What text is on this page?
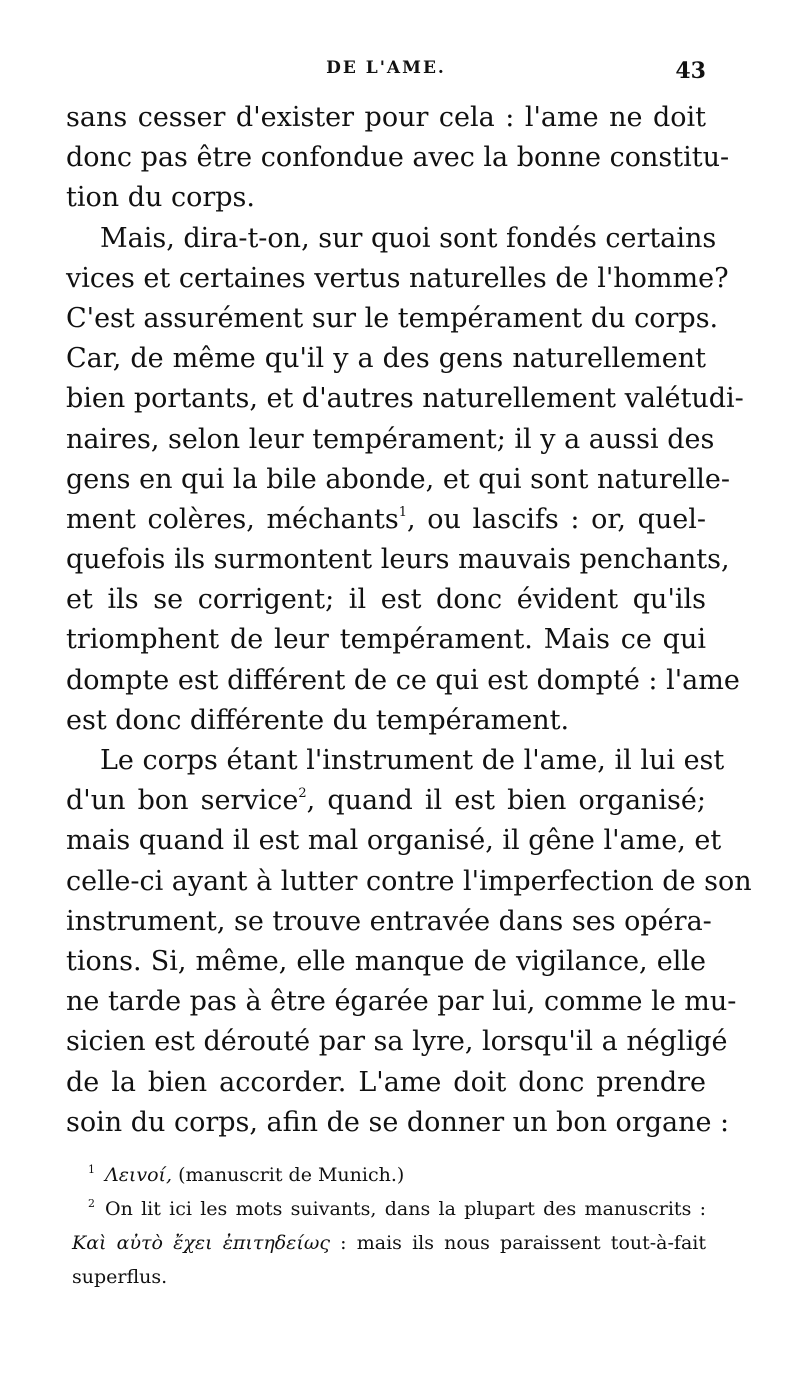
DE L'AME.	43
sans cesser d'exister pour cela : l'ame ne doit
donc pas être confondue avec la bonne constitu-
tion du corps.
Mais, dira-t-on, sur quoi sont fondés certains
vices et certaines vertus naturelles de l'homme?
C'est assurément sur le tempérament du corps.
Car, de même qu'il y a des gens naturellement
bien portants, et d'autres naturellement valétudi-
naires, selon leur tempérament; il y a aussi des
gens en qui la bile abonde, et qui sont naturelle-
ment colères, méchants$^1$, ou lascifs : or, quel-
quefois ils surmontent leurs mauvais penchants,
et ils se corrigent; il est donc évident qu'ils
triomphent de leur tempérament. Mais ce qui
dompte est différent de ce qui est dompté : l'ame
est donc différente du tempérament.
Le corps étant l'instrument de l'ame, il lui est
d'un bon service$^2$, quand il est bien organisé;
mais quand il est mal organisé, il gêne l'ame, et
celle-ci ayant à lutter contre l'imperfection de son
instrument, se trouve entravée dans ses opéra-
tions. Si, même, elle manque de vigilance, elle
ne tarde pas à être égarée par lui, comme le mu-
sicien est dérouté par sa lyre, lorsqu'il a négligé
de la bien accorder. L'ame doit donc prendre
soin du corps, afin de se donner un bon organe :
$^1$ Λειvoί, (manuscrit de Munich.)
$^2$ On lit ici les mots suivants, dans la plupart des manuscrits :
Καὶ αὐτὸ ἔχει ἐπιτηδείως : mais ils nous paraissent tout-à-fait
superflus.
